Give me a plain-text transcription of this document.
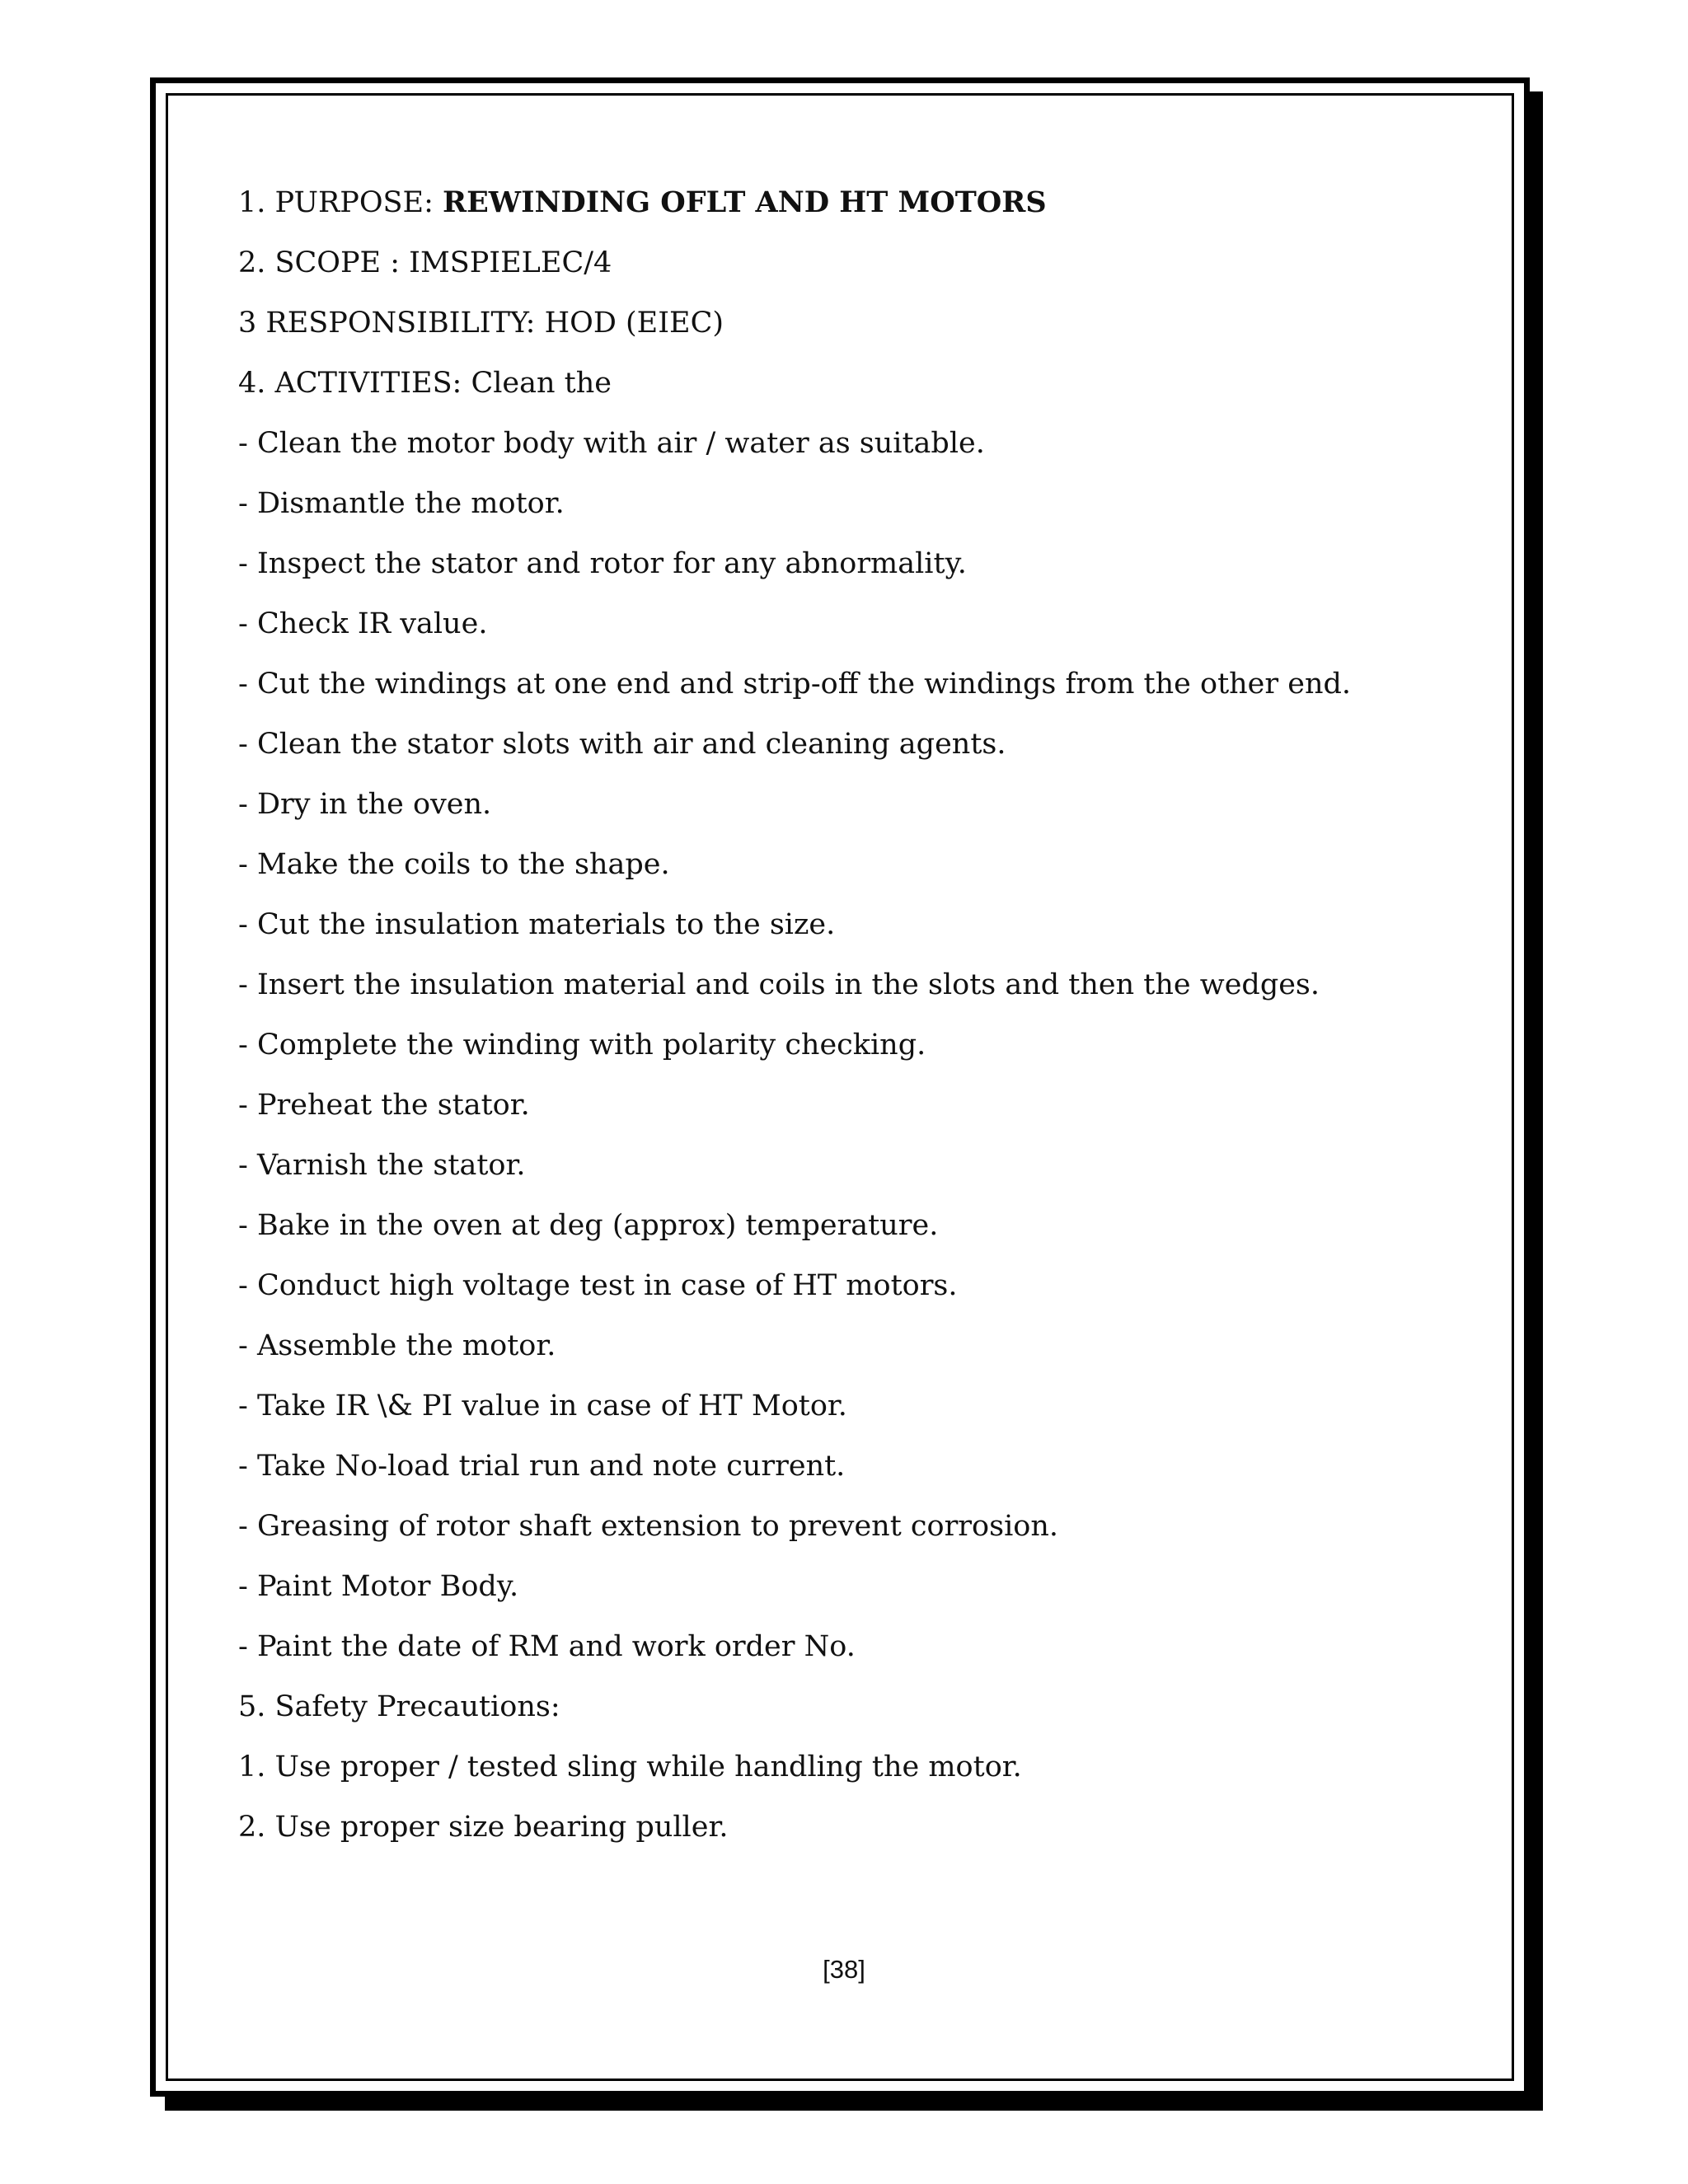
1. PURPOSE: REWINDING OFLT AND HT MOTORS
2. SCOPE : IMSPIELEC/4
3 RESPONSIBILITY: HOD (EIEC)
4. ACTIVITIES: Clean the
- Clean the motor body with air / water as suitable.
- Dismantle the motor.
- Inspect the stator and rotor for any abnormality.
- Check IR value.
- Cut the windings at one end and strip-off the windings from the other end.
- Clean the stator slots with air and cleaning agents.
- Dry in the oven.
- Make the coils to the shape.
- Cut the insulation materials to the size.
- Insert the insulation material and coils in the slots and then the wedges.
- Complete the winding with polarity checking.
- Preheat the stator.
- Varnish the stator.
- Bake in the oven at deg (approx) temperature.
- Conduct high voltage test in case of HT motors.
- Assemble the motor.
- Take IR \& PI value in case of HT Motor.
- Take No-load trial run and note current.
- Greasing of rotor shaft extension to prevent corrosion.
- Paint Motor Body.
- Paint the date of RM and work order No.
5. Safety Precautions:
1. Use proper / tested sling while handling the motor.
2. Use proper size bearing puller.
[38]
